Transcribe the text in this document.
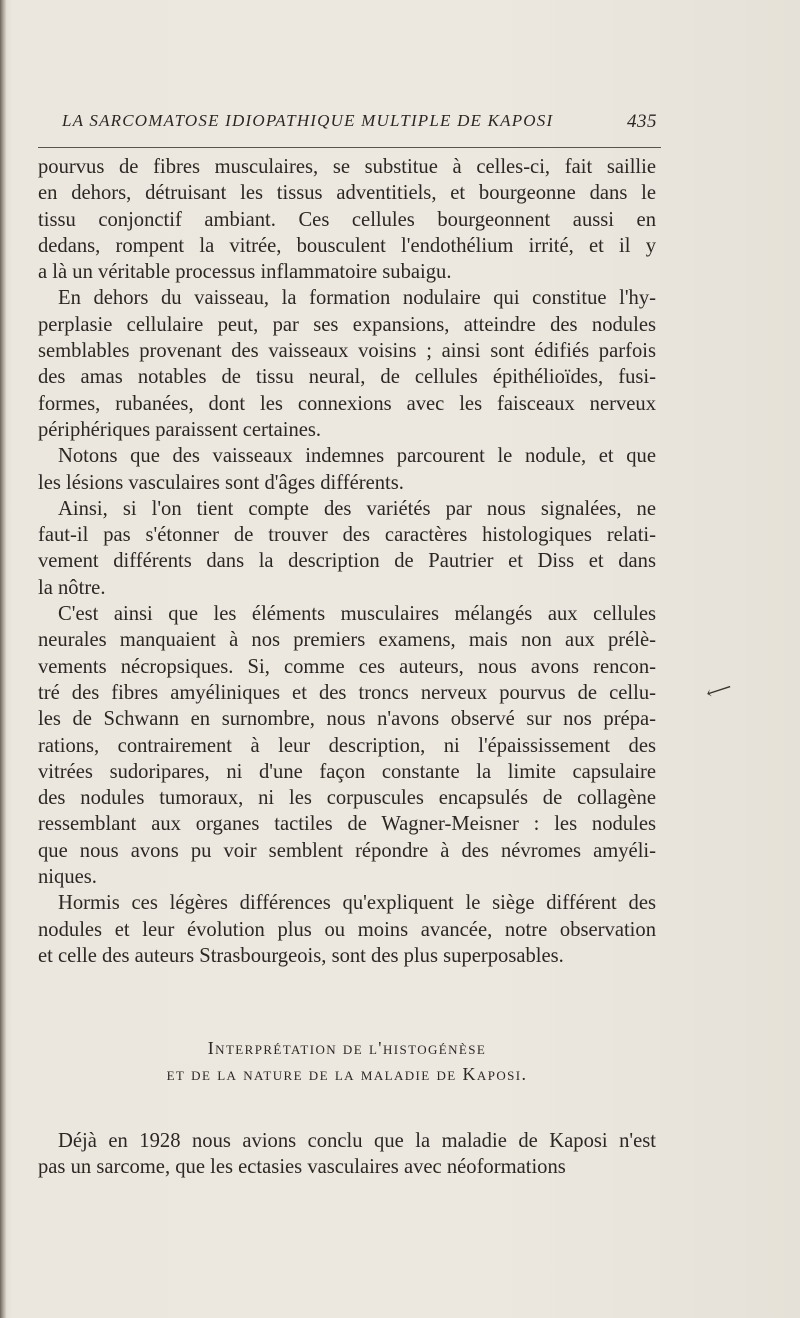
LA SARCOMATOSE IDIOPATHIQUE MULTIPLE DE KAPOSI	435
pourvus de fibres musculaires, se substitue à celles-ci, fait saillie
en dehors, détruisant les tissus adventitiels, et bourgeonne dans le
tissu conjonctif ambiant. Ces cellules bourgeonnent aussi en
dedans, rompent la vitrée, bousculent l'endothélium irrité, et il y
a là un véritable processus inflammatoire subaigu.
En dehors du vaisseau, la formation nodulaire qui constitue l'hy-
perplasie cellulaire peut, par ses expansions, atteindre des nodules
semblables provenant des vaisseaux voisins ; ainsi sont édifiés parfois
des amas notables de tissu neural, de cellules épithélioïdes, fusi-
formes, rubanées, dont les connexions avec les faisceaux nerveux
périphériques paraissent certaines.
Notons que des vaisseaux indemnes parcourent le nodule, et que
les lésions vasculaires sont d'âges différents.
Ainsi, si l'on tient compte des variétés par nous signalées, ne
faut-il pas s'étonner de trouver des caractères histologiques relati-
vement différents dans la description de Pautrier et Diss et dans
la nôtre.
C'est ainsi que les éléments musculaires mélangés aux cellules
neurales manquaient à nos premiers examens, mais non aux prélè-
vements nécropsiques. Si, comme ces auteurs, nous avons rencon-
tré des fibres amyéliniques et des troncs nerveux pourvus de cellu-
les de Schwann en surnombre, nous n'avons observé sur nos prépa-
rations, contrairement à leur description, ni l'épaississement des
vitrées sudoripares, ni d'une façon constante la limite capsulaire
des nodules tumoraux, ni les corpuscules encapsulés de collagène
ressemblant aux organes tactiles de Wagner-Meisner : les nodules
que nous avons pu voir semblent répondre à des névromes amyéli-
niques.
Hormis ces légères différences qu'expliquent le siège différent des
nodules et leur évolution plus ou moins avancée, notre observation
et celle des auteurs Strasbourgeois, sont des plus superposables.
Interprétation de l'histogénèse
et de la nature de la maladie de Kaposi.
Déjà en 1928 nous avions conclu que la maladie de Kaposi n'est
pas un sarcome, que les ectasies vasculaires avec néoformations
⟵
